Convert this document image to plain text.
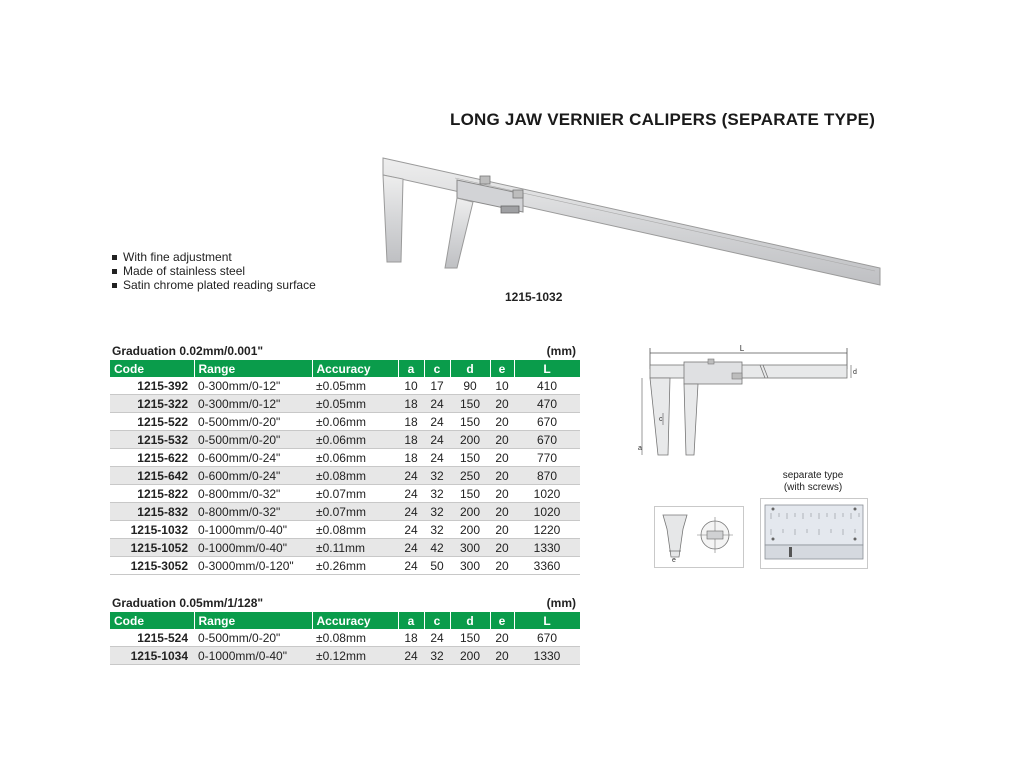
LONG JAW VERNIER CALIPERS (SEPARATE TYPE)
With fine adjustment
Made of stainless steel
Satin chrome plated reading surface
1215-1032
Graduation 0.02mm/0.001"	(mm)
Code	Range	Accuracy	a	c	d	e	L
1215-392	0-300mm/0-12"	±0.05mm	10	17	90	10	410
1215-322	0-300mm/0-12"	±0.05mm	18	24	150	20	470
1215-522	0-500mm/0-20"	±0.06mm	18	24	150	20	670
1215-532	0-500mm/0-20"	±0.06mm	18	24	200	20	670
1215-622	0-600mm/0-24"	±0.06mm	18	24	150	20	770
1215-642	0-600mm/0-24"	±0.08mm	24	32	250	20	870
1215-822	0-800mm/0-32"	±0.07mm	24	32	150	20	1020
1215-832	0-800mm/0-32"	±0.07mm	24	32	200	20	1020
1215-1032	0-1000mm/0-40"	±0.08mm	24	32	200	20	1220
1215-1052	0-1000mm/0-40"	±0.11mm	24	42	300	20	1330
1215-3052	0-3000mm/0-120"	±0.26mm	24	50	300	20	3360
Graduation 0.05mm/1/128"	(mm)
Code	Range	Accuracy	a	c	d	e	L
1215-524	0-500mm/0-20"	±0.08mm	18	24	150	20	670
1215-1034	0-1000mm/0-40"	±0.12mm	24	32	200	20	1330
L
c
a
d
separate type
(with screws)
e
